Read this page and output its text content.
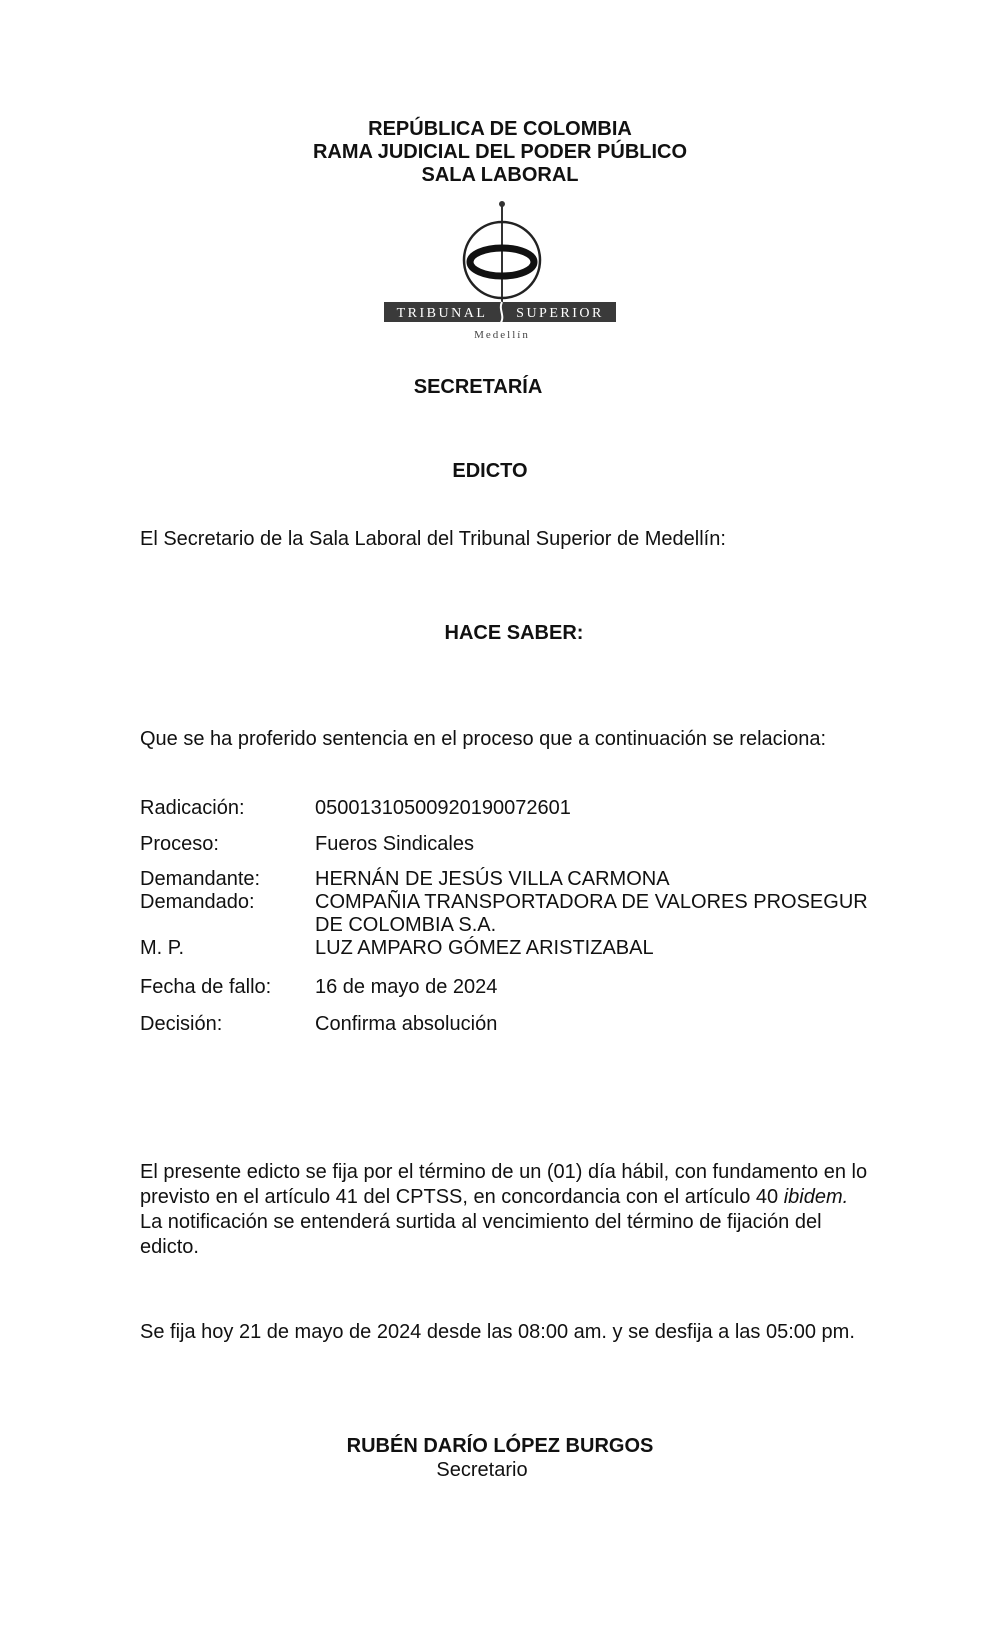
REPÚBLICA DE COLOMBIA
RAMA JUDICIAL DEL PODER PÚBLICO
SALA LABORAL
TRIBUNAL SUPERIOR
Medellín
SECRETARÍA
EDICTO
El Secretario de la Sala Laboral del Tribunal Superior de Medellín:
HACE SABER:
Que se ha proferido sentencia en el proceso que a continuación se relaciona:
Radicación:	05001310500920190072601
Proceso:	Fueros Sindicales
Demandante:	HERNÁN DE JESÚS VILLA CARMONA
Demandado:	COMPAÑIA TRANSPORTADORA DE VALORES PROSEGUR
DE COLOMBIA S.A.
M. P.	LUZ AMPARO GÓMEZ ARISTIZABAL
Fecha de fallo: 16 de mayo de 2024
Decisión:	Confirma absolución
El presente edicto se fija por el término de un (01) día hábil, con fundamento en lo previsto en el artículo 41 del CPTSS, en concordancia con el artículo 40 ibidem. La notificación se entenderá surtida al vencimiento del término de fijación del edicto.
Se fija hoy 21 de mayo de 2024 desde las 08:00 am. y se desfija a las 05:00 pm.
RUBÉN DARÍO LÓPEZ BURGOS
Secretario
